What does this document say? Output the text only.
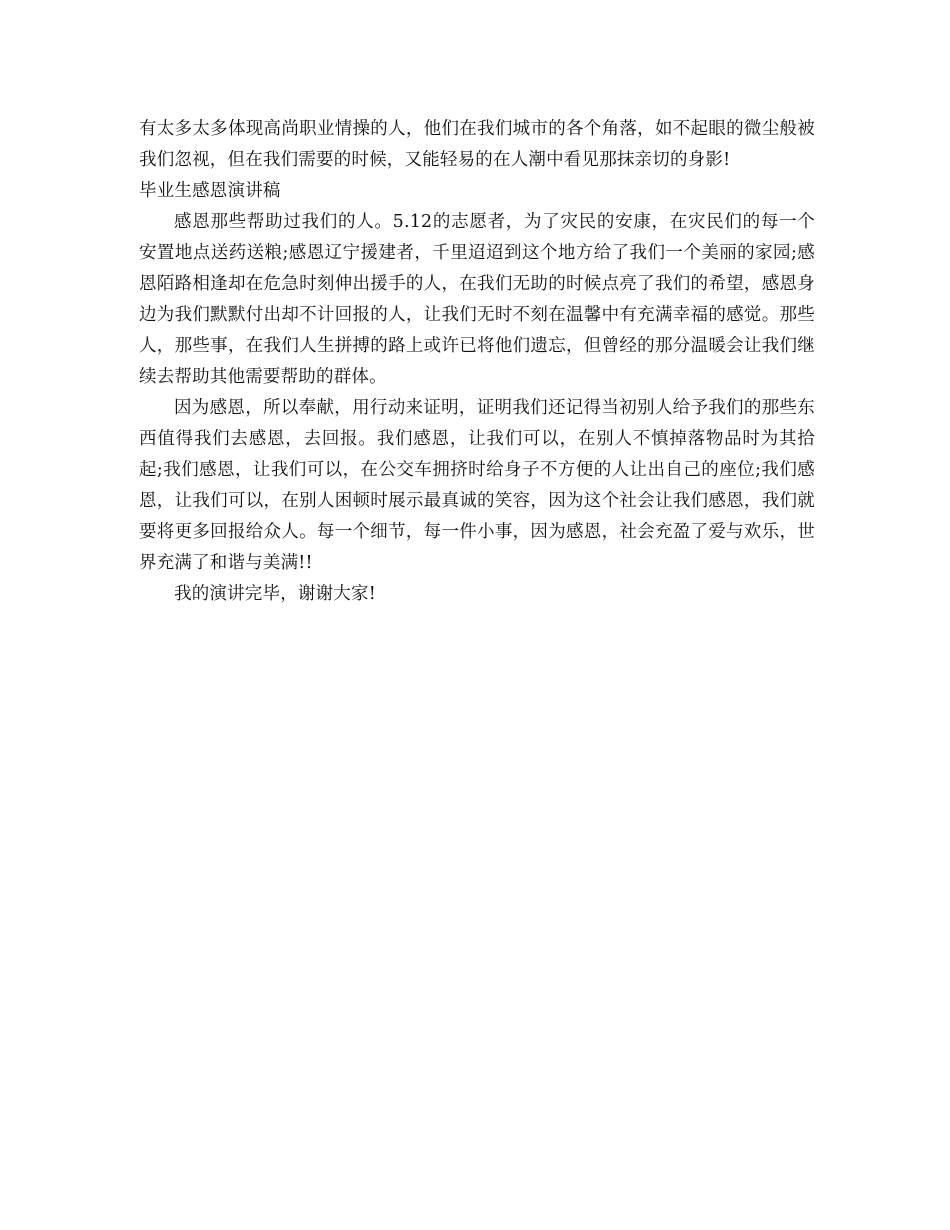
有太多太多体现高尚职业情操的人，他们在我们城市的各个角落，如不起眼的微尘般被我们忽视，但在我们需要的时候，又能轻易的在人潮中看见那抹亲切的身影!

毕业生感恩演讲稿

感恩那些帮助过我们的人。5.12的志愿者，为了灾民的安康，在灾民们的每一个安置地点送药送粮;感恩辽宁援建者，千里迢迢到这个地方给了我们一个美丽的家园;感恩陌路相逢却在危急时刻伸出援手的人，在我们无助的时候点亮了我们的希望，感恩身边为我们默默付出却不计回报的人，让我们无时不刻在温馨中有充满幸福的感觉。那些人，那些事，在我们人生拼搏的路上或许已将他们遗忘，但曾经的那分温暖会让我们继续去帮助其他需要帮助的群体。

因为感恩，所以奉献，用行动来证明，证明我们还记得当初别人给予我们的那些东西值得我们去感恩，去回报。我们感恩，让我们可以，在别人不慎掉落物品时为其拾起;我们感恩，让我们可以，在公交车拥挤时给身子不方便的人让出自己的座位;我们感恩，让我们可以，在别人困顿时展示最真诚的笑容，因为这个社会让我们感恩，我们就要将更多回报给众人。每一个细节，每一件小事，因为感恩，社会充盈了爱与欢乐，世界充满了和谐与美满!!

我的演讲完毕，谢谢大家!
